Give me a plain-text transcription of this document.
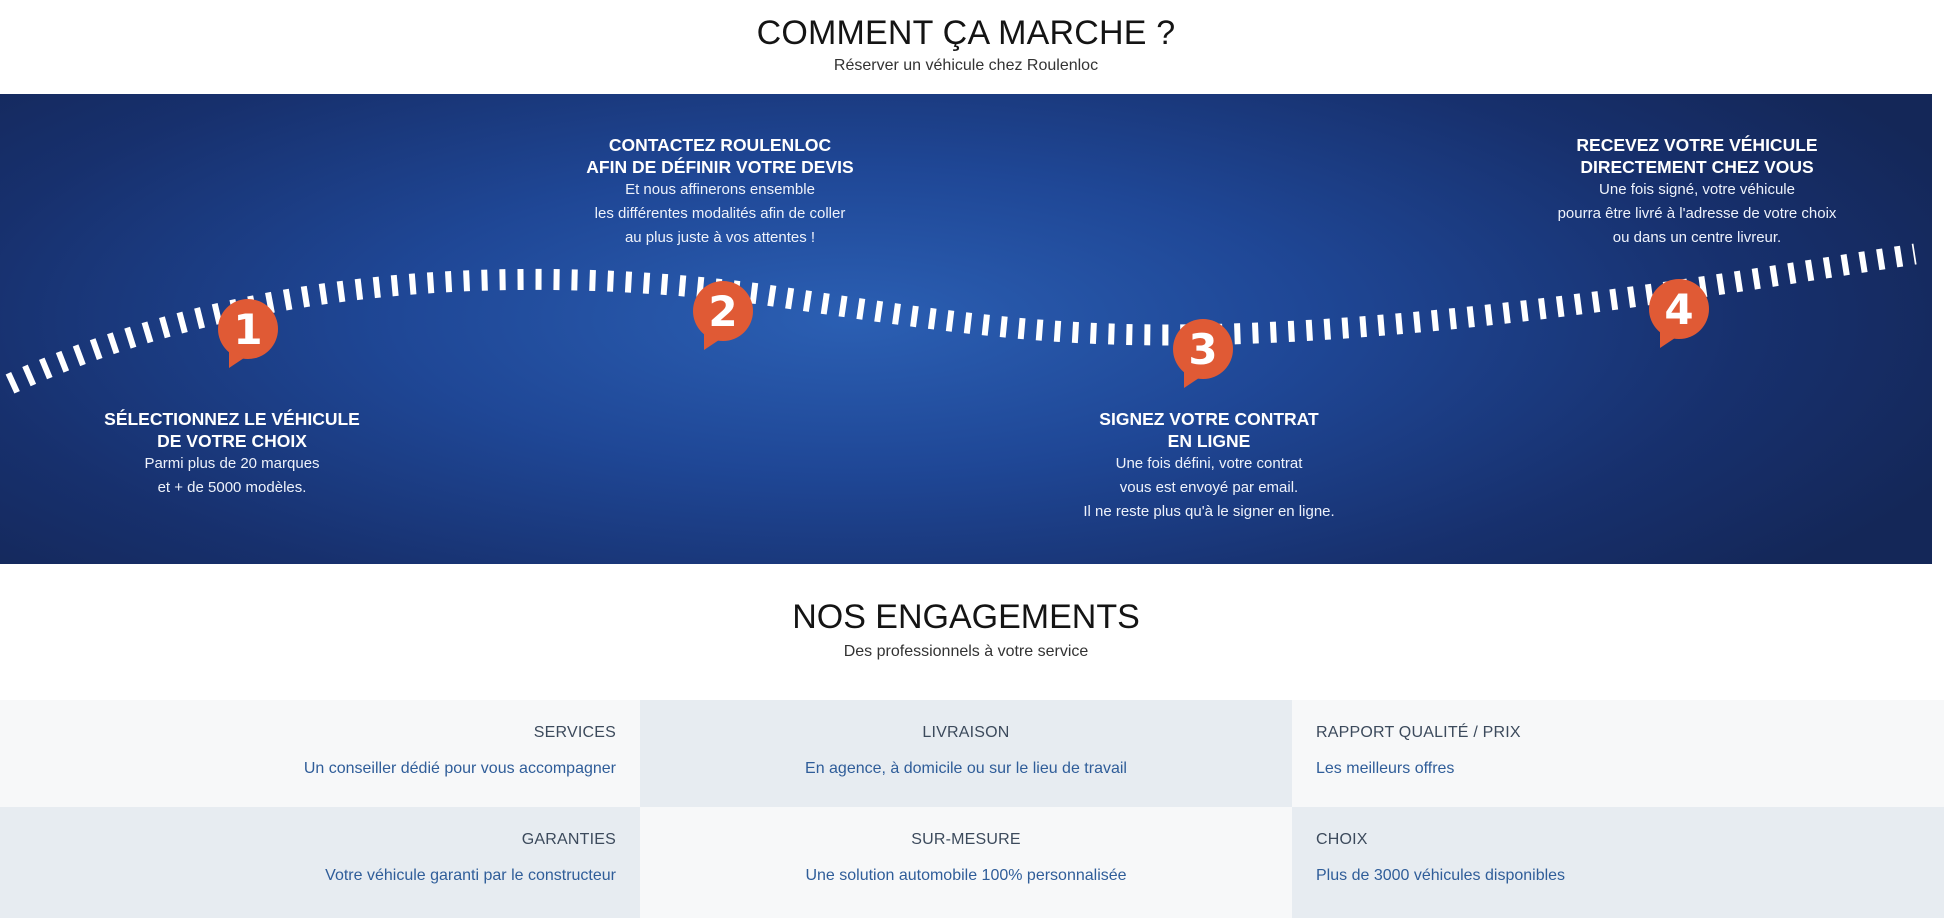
COMMENT ÇA MARCHE ?
Réserver un véhicule chez Roulenloc
1	2
3
4
SÉLECTIONNEZ LE VÉHICULE
DE VOTRE CHOIX
Parmi plus de 20 marques
et + de 5000 modèles.
CONTACTEZ ROULENLOC
AFIN DE DÉFINIR VOTRE DEVIS
Et nous affinerons ensemble
les différentes modalités afin de coller
au plus juste à vos attentes !
SIGNEZ VOTRE CONTRAT
EN LIGNE
Une fois défini, votre contrat
vous est envoyé par email.
Il ne reste plus qu'à le signer en ligne.
RECEVEZ VOTRE VÉHICULE
DIRECTEMENT CHEZ VOUS
Une fois signé, votre véhicule
pourra être livré à l'adresse de votre choix
ou dans un centre livreur.
NOS ENGAGEMENTS
Des professionnels à votre service
SERVICES
Un conseiller dédié pour vous accompagner
LIVRAISON
En agence, à domicile ou sur le lieu de travail
RAPPORT QUALITÉ / PRIX
Les meilleurs offres
GARANTIES
Votre véhicule garanti par le constructeur
SUR-MESURE
Une solution automobile 100% personnalisée
CHOIX
Plus de 3000 véhicules disponibles
